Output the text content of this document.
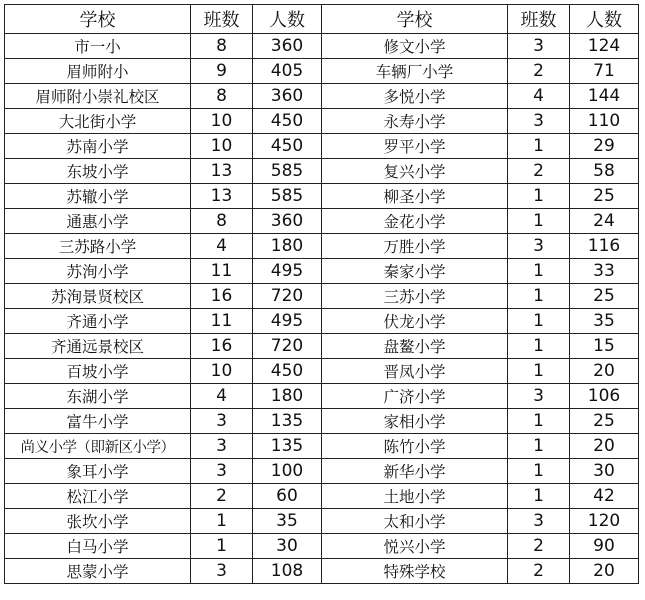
学校	班数	人数	学校	班数	人数
市一小	8	360	修文小学	3	124
眉师附小	9	405	车辆厂小学	2	71
眉师附小崇礼校区	8	360	多悦小学	4	144
大北街小学	10	450	永寿小学	3	110
苏南小学	10	450	罗平小学	1	29
东坡小学	13	585	复兴小学	2	58
苏辙小学	13	585	柳圣小学	1	25
通惠小学	8	360	金花小学	1	24
三苏路小学	4	180	万胜小学	3	116
苏洵小学	11	495	秦家小学	1	33
苏洵景贤校区	16	720	三苏小学	1	25
齐通小学	11	495	伏龙小学	1	35
齐通远景校区	16	720	盘鳌小学	1	15
百坡小学	10	450	晋凤小学	1	20
东湖小学	4	180	广济小学	3	106
富牛小学	3	135	家相小学	1	25
尚义小学（即新区小学）	3	135	陈竹小学	1	20
象耳小学	3	100	新华小学	1	30
松江小学	2	60	土地小学	1	42
张坎小学	1	35	太和小学	3	120
白马小学	1	30	悦兴小学	2	90
思蒙小学	3	108	特殊学校	2	20
